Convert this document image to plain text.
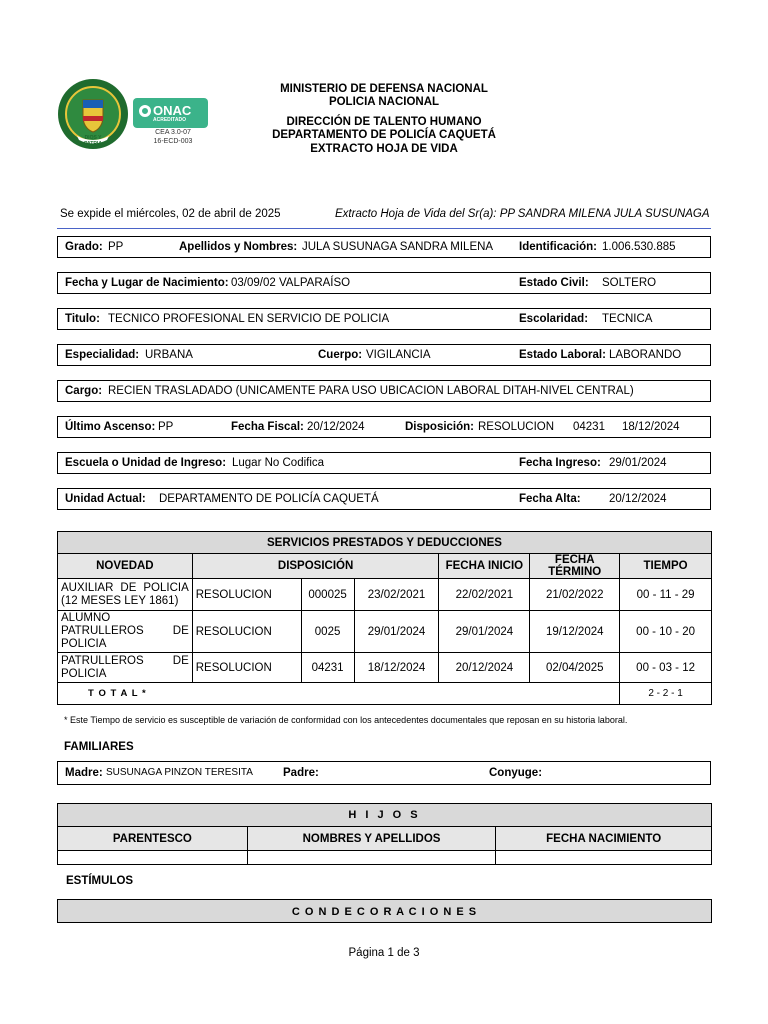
DIOS Y PATRIA
ONAC
ACREDITADO
CEA 3.0-07
16-ECD-003
MINISTERIO DE DEFENSA NACIONAL
POLICIA NACIONAL
DIRECCIÓN DE TALENTO HUMANO
DEPARTAMENTO DE POLICÍA CAQUETÁ
EXTRACTO HOJA DE VIDA
Se expide el miércoles, 02 de abril de 2025	Extracto Hoja de Vida del Sr(a): PP SANDRA MILENA JULA SUSUNAGA
Grado: PP	Apellidos y Nombres: JULA SUSUNAGA SANDRA MILENA Identificación: 1.006.530.885
Fecha y Lugar de Nacimiento: 03/09/02 VALPARAÍSO	Estado Civil: SOLTERO
Titulo: TECNICO PROFESIONAL EN SERVICIO DE POLICIA	Escolaridad: TECNICA
Especialidad: URBANA	Cuerpo: VIGILANCIA	Estado Laboral: LABORANDO
Cargo: RECIEN TRASLADADO (UNICAMENTE PARA USO UBICACION LABORAL DITAH-NIVEL CENTRAL)
Último Ascenso: PP	Fecha Fiscal: 20/12/2024	Disposición: RESOLUCION 04231 18/12/2024
Escuela o Unidad de Ingreso: Lugar No Codifica	Fecha Ingreso: 29/01/2024
Unidad Actual: DEPARTAMENTO DE POLICÍA CAQUETÁ	Fecha Alta: 20/12/2024
SERVICIOS PRESTADOS Y DEDUCCIONES						
NOVEDAD	DISPOSICIÓN			FECHA INICIO	FECHA TÉRMINO	TIEMPO
AUXILIAR DE POLICIA (12 MESES LEY 1861)	RESOLUCION	000025	23/02/2021	22/02/2021	21/02/2022	00 - 11 - 29
ALUMNO PATRULLEROS DE POLICIA	RESOLUCION	0025	29/01/2024	29/01/2024	19/12/2024	00 - 10 - 20
PATRULLEROS DE POLICIA	RESOLUCION	04231	18/12/2024	20/12/2024	02/04/2025	00 - 03 - 12
T O T A L *						2 - 2 - 1
* Este Tiempo de servicio es susceptible de variación de conformidad con los antecedentes documentales que reposan en su historia laboral.
FAMILIARES
Madre: SUSUNAGA PINZON TERESITA	Padre:	Conyuge:
H I J O S		
PARENTESCO	NOMBRES Y APELLIDOS	FECHA NACIMIENTO

ESTÍMULOS
C O N D E C O R A C I O N E S
Página 1 de 3
